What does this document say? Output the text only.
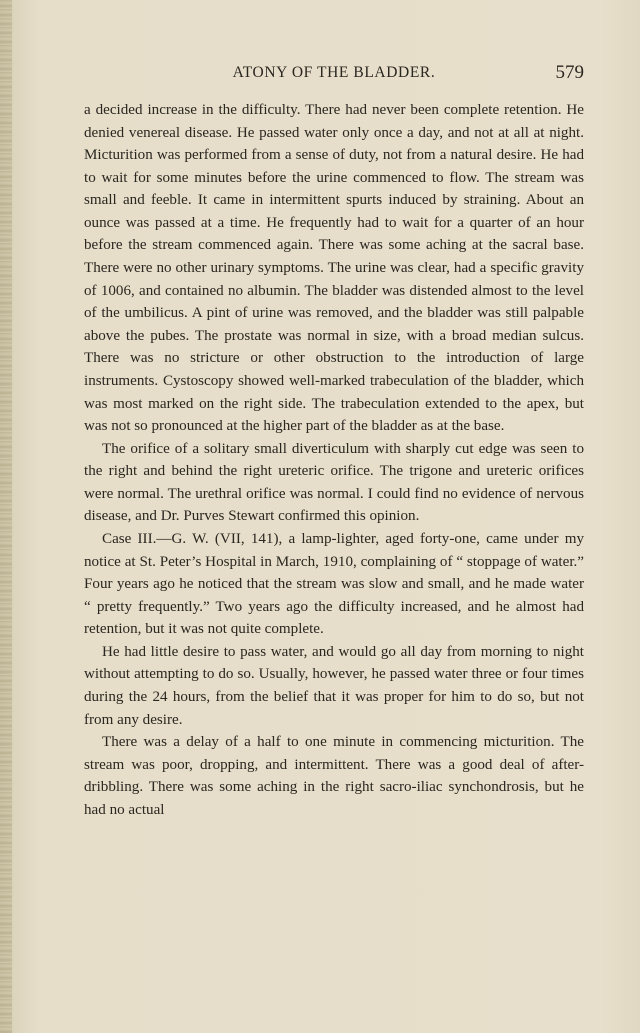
ATONY OF THE BLADDER.	579

a decided increase in the difficulty. There had never been complete retention. He denied venereal disease. He passed water only once a day, and not at all at night. Micturition was performed from a sense of duty, not from a natural desire. He had to wait for some minutes before the urine commenced to flow. The stream was small and feeble. It came in intermittent spurts induced by straining. About an ounce was passed at a time. He frequently had to wait for a quarter of an hour before the stream commenced again. There was some aching at the sacral base. There were no other urinary symptoms. The urine was clear, had a specific gravity of 1006, and contained no albumin. The bladder was distended almost to the level of the umbilicus. A pint of urine was removed, and the bladder was still palpable above the pubes. The prostate was normal in size, with a broad median sulcus. There was no stricture or other obstruction to the introduction of large instruments. Cystoscopy showed well-marked trabeculation of the bladder, which was most marked on the right side. The trabeculation extended to the apex, but was not so pronounced at the higher part of the bladder as at the base.

The orifice of a solitary small diverticulum with sharply cut edge was seen to the right and behind the right ureteric orifice. The trigone and ureteric orifices were normal. The urethral orifice was normal. I could find no evidence of nervous disease, and Dr. Purves Stewart confirmed this opinion.

Case III.—G. W. (VII, 141), a lamp-lighter, aged forty-one, came under my notice at St. Peter’s Hospital in March, 1910, complaining of “ stoppage of water.” Four years ago he noticed that the stream was slow and small, and he made water “ pretty frequently.” Two years ago the difficulty increased, and he almost had retention, but it was not quite complete.

He had little desire to pass water, and would go all day from morning to night without attempting to do so. Usually, however, he passed water three or four times during the 24 hours, from the belief that it was proper for him to do so, but not from any desire.

There was a delay of a half to one minute in commencing micturition. The stream was poor, dropping, and intermittent. There was a good deal of after-dribbling. There was some aching in the right sacro-iliac synchondrosis, but he had no actual
